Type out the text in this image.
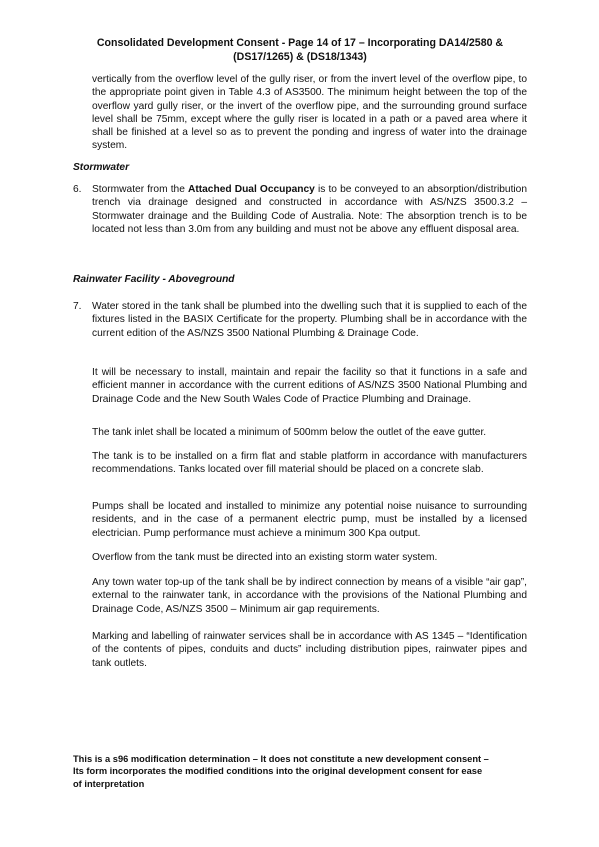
Consolidated Development Consent - Page 14 of 17 – Incorporating DA14/2580 &
(DS17/1265) & (DS18/1343)
vertically from the overflow level of the gully riser, or from the invert level of the overflow pipe, to the appropriate point given in Table 4.3 of AS3500. The minimum height between the top of the overflow yard gully riser, or the invert of the overflow pipe, and the surrounding ground surface level shall be 75mm, except where the gully riser is located in a path or a paved area where it shall be finished at a level so as to prevent the ponding and ingress of water into the drainage system.
Stormwater
6. Stormwater from the Attached Dual Occupancy is to be conveyed to an absorption/distribution trench via drainage designed and constructed in accordance with AS/NZS 3500.3.2 – Stormwater drainage and the Building Code of Australia. Note: The absorption trench is to be located not less than 3.0m from any building and must not be above any effluent disposal area.
Rainwater Facility - Aboveground
7. Water stored in the tank shall be plumbed into the dwelling such that it is supplied to each of the fixtures listed in the BASIX Certificate for the property. Plumbing shall be in accordance with the current edition of the AS/NZS 3500 National Plumbing & Drainage Code.
It will be necessary to install, maintain and repair the facility so that it functions in a safe and efficient manner in accordance with the current editions of AS/NZS 3500 National Plumbing and Drainage Code and the New South Wales Code of Practice Plumbing and Drainage.
The tank inlet shall be located a minimum of 500mm below the outlet of the eave gutter.
The tank is to be installed on a firm flat and stable platform in accordance with manufacturers recommendations. Tanks located over fill material should be placed on a concrete slab.
Pumps shall be located and installed to minimize any potential noise nuisance to surrounding residents, and in the case of a permanent electric pump, must be installed by a licensed electrician. Pump performance must achieve a minimum 300 Kpa output.
Overflow from the tank must be directed into an existing storm water system.
Any town water top-up of the tank shall be by indirect connection by means of a visible “air gap”, external to the rainwater tank, in accordance with the provisions of the National Plumbing and Drainage Code, AS/NZS 3500 – Minimum air gap requirements.
Marking and labelling of rainwater services shall be in accordance with AS 1345 – “Identification of the contents of pipes, conduits and ducts” including distribution pipes, rainwater pipes and tank outlets.
This is a s96 modification determination – It does not constitute a new development consent –
Its form incorporates the modified conditions into the original development consent for ease
of interpretation
